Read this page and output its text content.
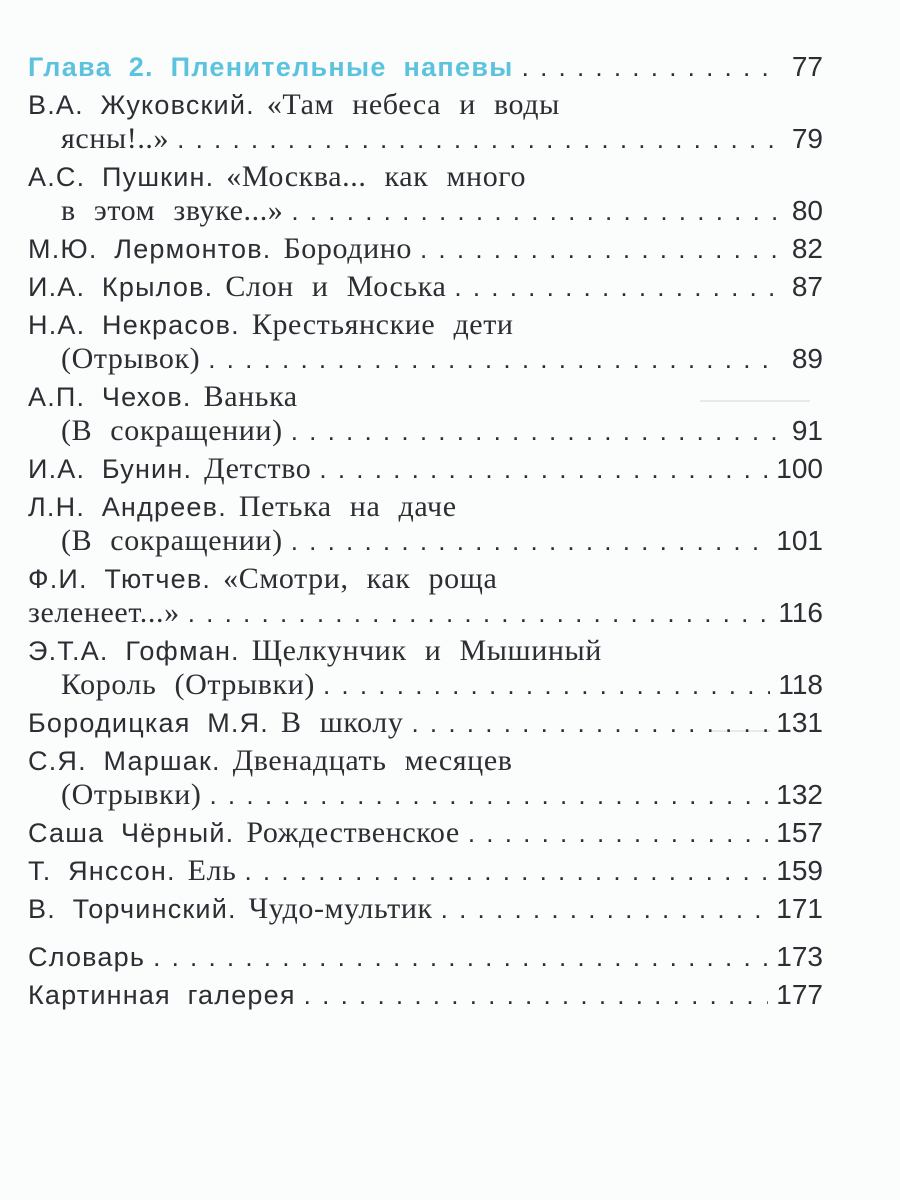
Глава 2. Пленительные напевы . . .	77
В.А. Жуковский. «Там небеса и воды
ясны!..» . . .	79
А.С. Пушкин. «Москва... как много
в этом звуке...» . . .	80
М.Ю. Лермонтов. Бородино . . .	82
И.А. Крылов. Слон и Моська . . .	87
Н.А. Некрасов. Крестьянские дети
(Отрывок) . . .	89
А.П. Чехов. Ванька
(В сокращении) . . .	91
И.А. Бунин. Детство . . .	100
Л.Н. Андреев. Петька на даче
(В сокращении) . . .	101
Ф.И. Тютчев. «Смотри, как роща
зеленеет...» . . .	116
Э.Т.А. Гофман. Щелкунчик и Мышиный
Король (Отрывки) . . .	118
Бородицкая М.Я. В школу . . .	131
С.Я. Маршак. Двенадцать месяцев
(Отрывки) . . .	132
Саша Чёрный. Рождественское . . .	157
Т. Янссон. Ель . . .	159
В. Торчинский. Чудо-мультик . . .	171
Словарь . . .	173
Картинная галерея . . .	177
